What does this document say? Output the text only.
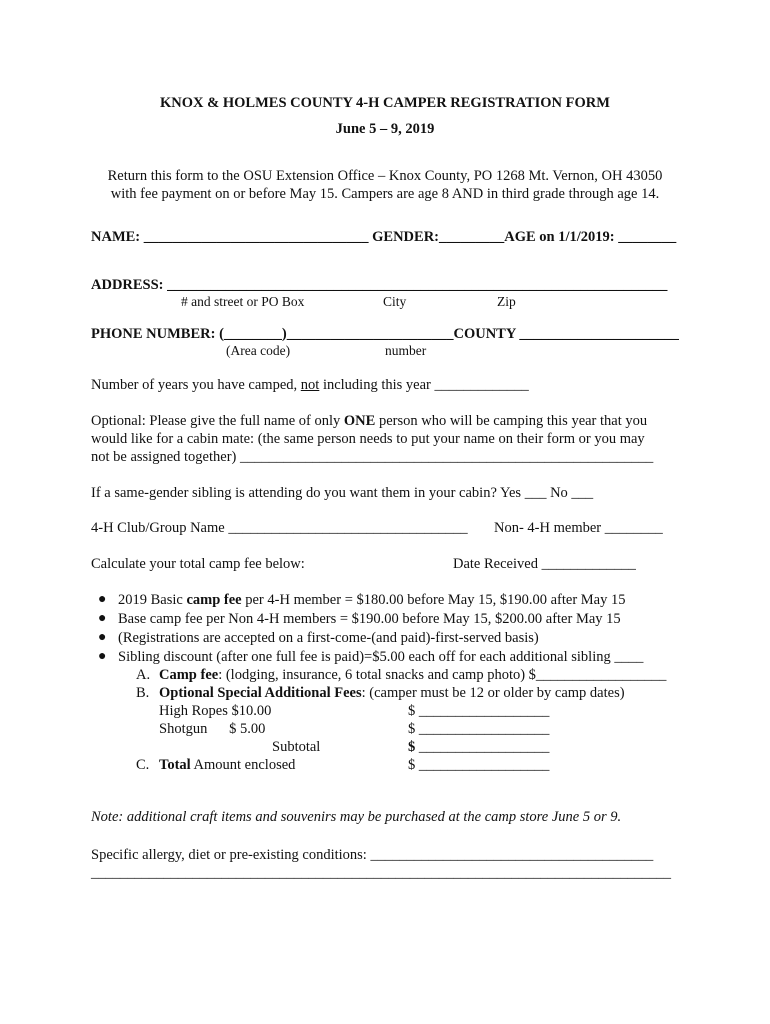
KNOX & HOLMES COUNTY 4-H CAMPER REGISTRATION FORM
June 5 – 9, 2019
Return this form to the OSU Extension Office – Knox County, PO 1268 Mt. Vernon, OH 43050
with fee payment on or before May 15. Campers are age 8 AND in third grade through age 14.
NAME: _______________________________ GENDER:_________AGE on 1/1/2019: ________
ADDRESS: _____________________________________________________________________
# and street or PO Box	City	Zip
PHONE NUMBER: (________)_______________________COUNTY ______________________
(Area code)	number
Number of years you have camped, not including this year _____________
Optional: Please give the full name of only ONE person who will be camping this year that you
would like for a cabin mate: (the same person needs to put your name on their form or you may
not be assigned together) _________________________________________________________
If a same-gender sibling is attending do you want them in your cabin? Yes ___ No ___
4-H Club/Group Name _________________________________ Non- 4-H member ________
Calculate your total camp fee below:	Date Received _____________
● 2019 Basic camp fee per 4-H member = $180.00 before May 15, $190.00 after May 15
● Base camp fee per Non 4-H members = $190.00 before May 15, $200.00 after May 15
● (Registrations are accepted on a first-come-(and paid)-first-served basis)
● Sibling discount (after one full fee is paid)=$5.00 each off for each additional sibling ____
A. Camp fee: (lodging, insurance, 6 total snacks and camp photo) $__________________
B. Optional Special Additional Fees: (camper must be 12 or older by camp dates)
High Ropes $10.00	$ __________________
Shotgun      $ 5.00	$ __________________
Subtotal	$ __________________
C. Total Amount enclosed	$ __________________
Note: additional craft items and souvenirs may be purchased at the camp store June 5 or 9.
Specific allergy, diet or pre-existing conditions: _______________________________________
________________________________________________________________________________
